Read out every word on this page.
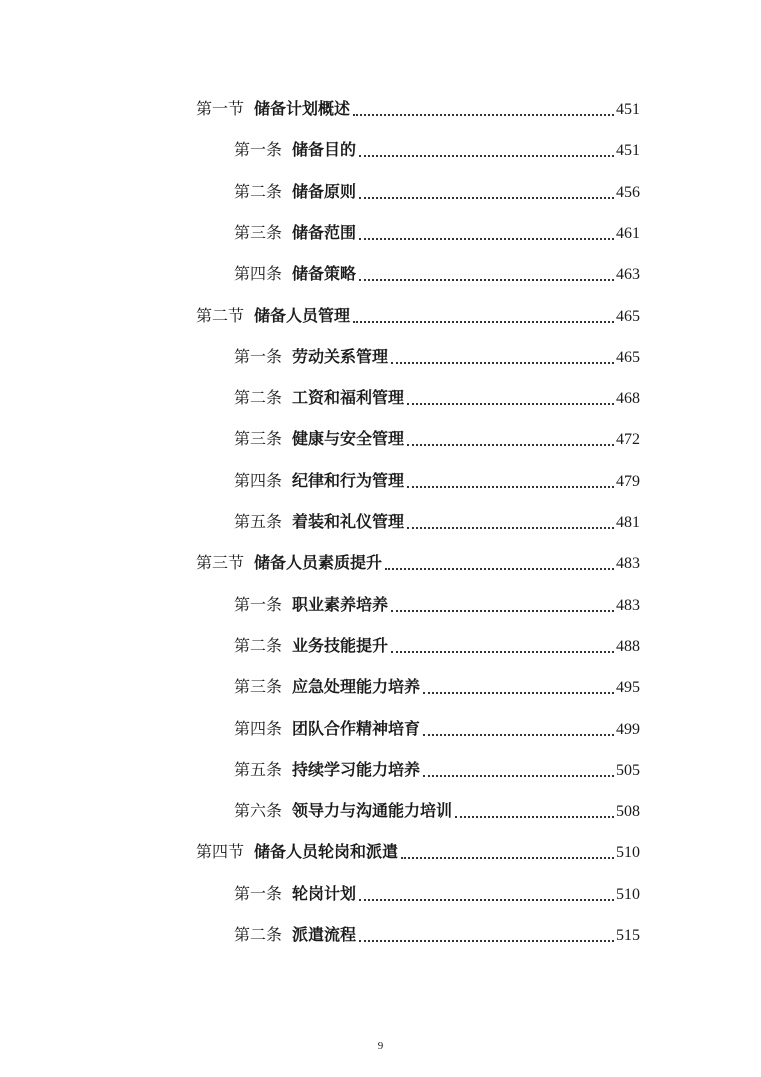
第一节 储备计划概述	451
第一条 储备目的	451
第二条 储备原则	456
第三条 储备范围	461
第四条 储备策略	463
第二节 储备人员管理	465
第一条 劳动关系管理	465
第二条 工资和福利管理	468
第三条 健康与安全管理	472
第四条 纪律和行为管理	479
第五条 着装和礼仪管理	481
第三节 储备人员素质提升	483
第一条 职业素养培养	483
第二条 业务技能提升	488
第三条 应急处理能力培养	495
第四条 团队合作精神培育	499
第五条 持续学习能力培养	505
第六条 领导力与沟通能力培训	508
第四节 储备人员轮岗和派遣	510
第一条 轮岗计划	510
第二条 派遣流程	515
9
